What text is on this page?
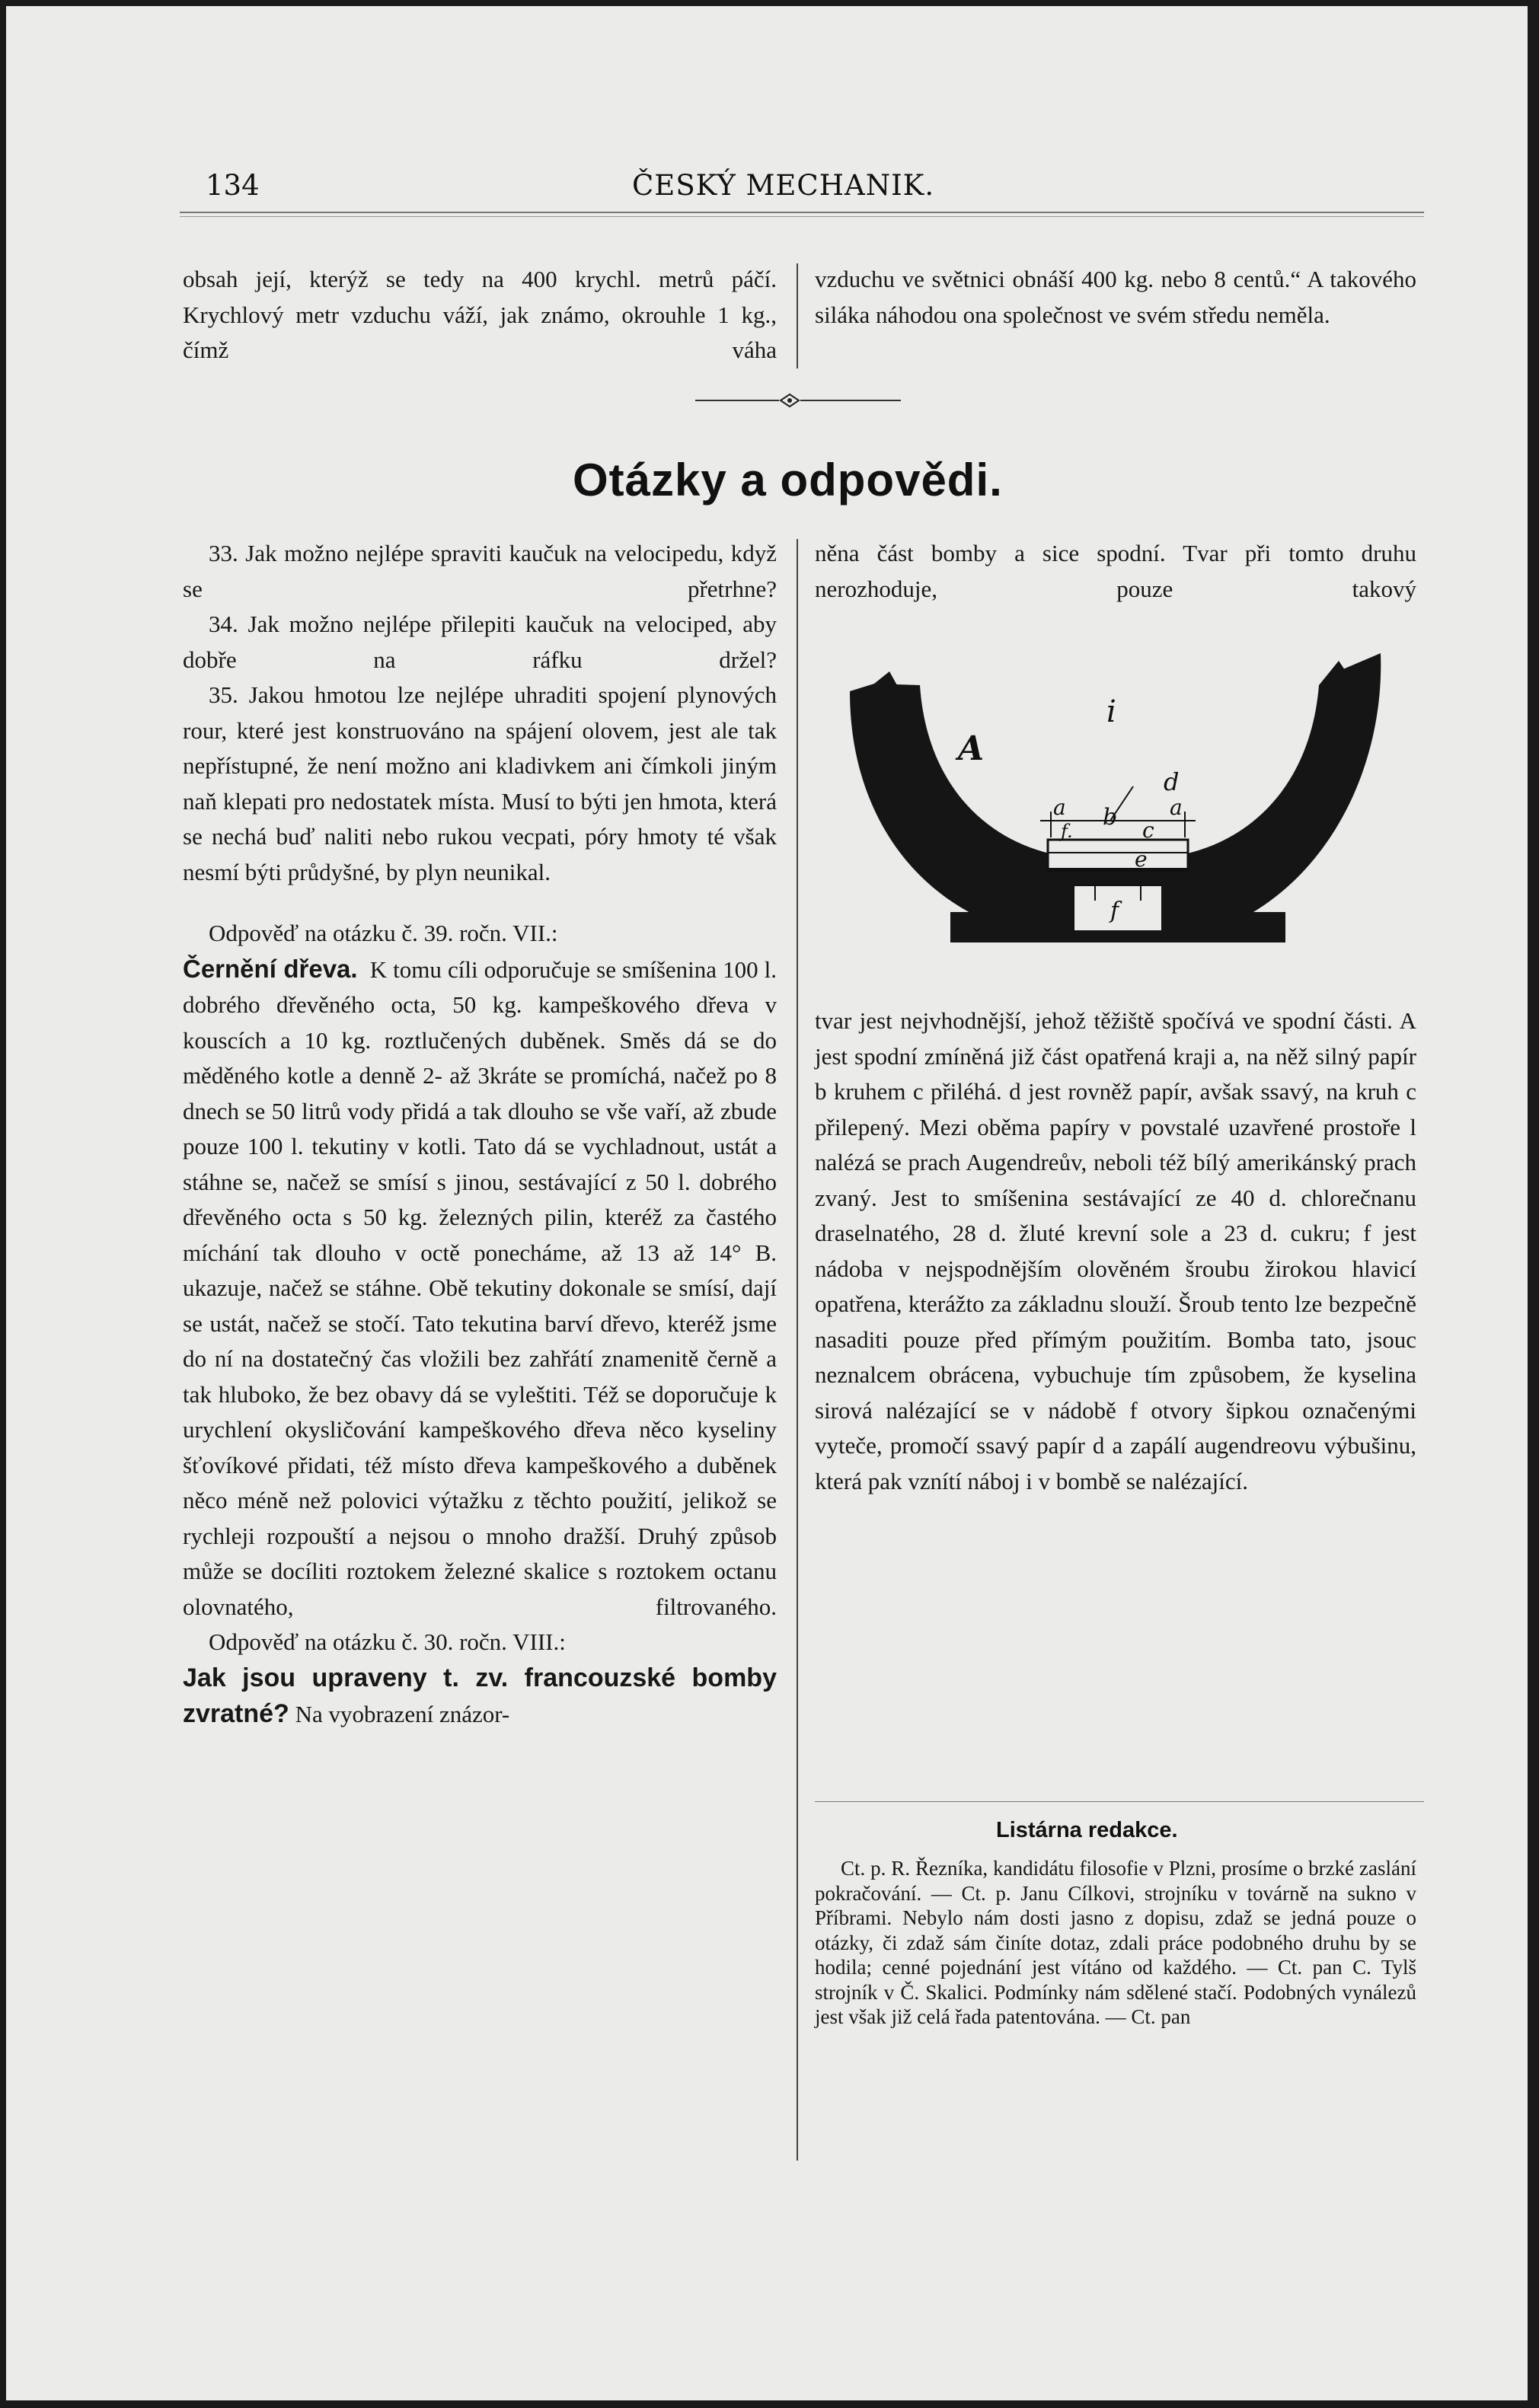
134	ČESKÝ MECHANIK.

obsah její, kterýž se tedy na 400 krychl. metrů páčí. Krychlový metr vzduchu váží, jak známo, okrouhle 1 kg., čímž váha

vzduchu ve světnici obnáší 400 kg. nebo 8 centů.“ A takového siláka náhodou ona společnost ve svém středu neměla.

Otázky a odpovědi.

33. Jak možno nejlépe spraviti kaučuk na velocipedu, když se přetrhne?

34. Jak možno nejlépe přilepiti kaučuk na velociped, aby dobře na ráfku držel?

35. Jakou hmotou lze nejlépe uhraditi spojení plynových rour, které jest konstruováno na spájení olovem, jest ale tak nepřístupné, že není možno ani kladivkem ani čímkoli jiným naň klepati pro nedostatek místa. Musí to býti jen hmota, která se nechá buď naliti nebo rukou vecpati, póry hmoty té však nesmí býti průdyšné, by plyn neunikal.

Odpověď na otázku č. 39. ročn. VII.:

Černění dřeva. K tomu cíli odporučuje se smíšenina 100 l. dobrého dřevěného octa, 50 kg. kampeškového dřeva v kouscích a 10 kg. roztlučených duběnek. Směs dá se do měděného kotle a denně 2- až 3kráte se promíchá, načež po 8 dnech se 50 litrů vody přidá a tak dlouho se vše vaří, až zbude pouze 100 l. tekutiny v kotli. Tato dá se vychladnout, ustát a stáhne se, načež se smísí s jinou, sestávající z 50 l. dobrého dřevěného octa s 50 kg. železných pilin, kteréž za častého míchání tak dlouho v octě ponecháme, až 13 až 14° B. ukazuje, načež se stáhne. Obě tekutiny dokonale se smísí, dají se ustát, načež se stočí. Tato tekutina barví dřevo, kteréž jsme do ní na dostatečný čas vložili bez zahřátí znamenitě černě a tak hluboko, že bez obavy dá se vyleštiti. Též se doporučuje k urychlení okysličování kampeškového dřeva něco kyseliny šťovíkové přidati, též místo dřeva kampeškového a duběnek něco méně než polovici výtažku z těchto použití, jelikož se rychleji rozpouští a nejsou o mnoho dražší. Druhý způsob může se docíliti roztokem železné skalice s roztokem octanu olovnatého, filtrovaného.

Odpověď na otázku č. 30. ročn. VIII.:

Jak jsou upraveny t. zv. francouzské bomby zvratné? Na vyobrazení znázor-

něna část bomby a sice spodní. Tvar při tomto druhu nerozhoduje, pouze takový

A
i
d
a	a
f.
b c
e
f

tvar jest nejvhodnější, jehož těžiště spočívá ve spodní části. A jest spodní zmíněná již část opatřená kraji a, na něž silný papír b kruhem c přiléhá. d jest rovněž papír, avšak ssavý, na kruh c přilepený. Mezi oběma papíry v povstalé uzavřené prostoře l nalézá se prach Augendreův, neboli též bílý amerikánský prach zvaný. Jest to smíšenina sestávající ze 40 d. chlorečnanu draselnatého, 28 d. žluté krevní sole a 23 d. cukru; f jest nádoba v nejspodnějším olověném šroubu žirokou hlavicí opatřena, kterážto za základnu slouží. Šroub tento lze bezpečně nasaditi pouze před přímým použitím. Bomba tato, jsouc neznalcem obrácena, vybuchuje tím způsobem, že kyselina sirová nalézající se v nádobě f otvory šipkou označenými vyteče, promočí ssavý papír d a zapálí augendreovu výbušinu, která pak vznítí náboj i v bombě se nalézající.

Listárna redakce.

Ct. p. R. Řezníka, kandidátu filosofie v Plzni, prosíme o brzké zaslání pokračování. — Ct. p. Janu Cílkovi, strojníku v továrně na sukno v Příbrami. Nebylo nám dosti jasno z dopisu, zdaž se jedná pouze o otázky, či zdaž sám činíte dotaz, zdali práce podobného druhu by se hodila; cenné pojednání jest vítáno od každého. — Ct. pan C. Tylš strojník v Č. Skalici. Podmínky nám sdělené stačí. Podobných vynálezů jest však již celá řada patentována. — Ct. pan
